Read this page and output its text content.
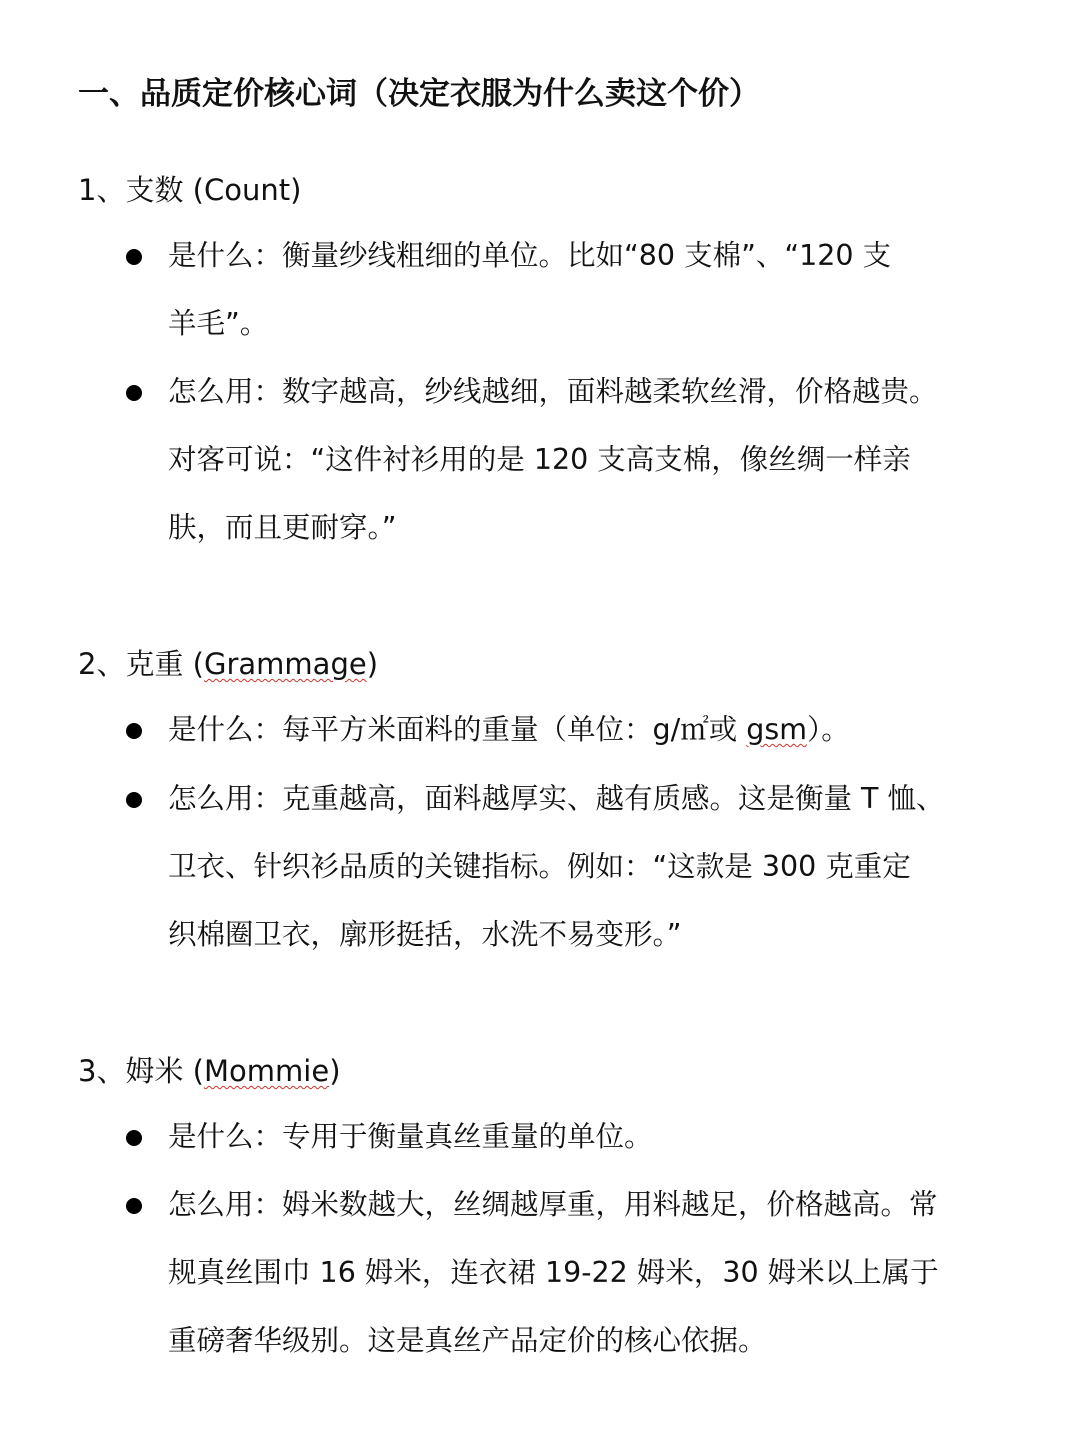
一、品质定价核心词（决定衣服为什么卖这个价）
1、支数 (Count)
是什么：衡量纱线粗细的单位。比如“80 支棉”、“120 支
羊毛”。
怎么用：数字越高，纱线越细，面料越柔软丝滑，价格越贵。
对客可说：“这件衬衫用的是 120 支高支棉，像丝绸一样亲
肤，而且更耐穿。”
2、克重 (Grammage)
是什么：每平方米面料的重量（单位：g/㎡或 gsm）。
怎么用：克重越高，面料越厚实、越有质感。这是衡量 T 恤、
卫衣、针织衫品质的关键指标。例如：“这款是 300 克重定
织棉圈卫衣，廓形挺括，水洗不易变形。”
3、姆米 (Mommie)
是什么：专用于衡量真丝重量的单位。
怎么用：姆米数越大，丝绸越厚重，用料越足，价格越高。常
规真丝围巾 16 姆米，连衣裙 19-22 姆米，30 姆米以上属于
重磅奢华级别。这是真丝产品定价的核心依据。
